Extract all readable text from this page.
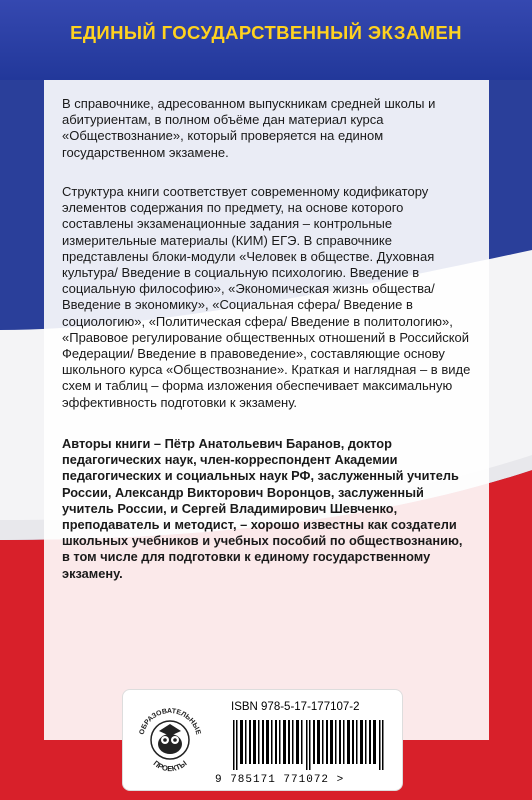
ЕДИНЫЙ ГОСУДАРСТВЕННЫЙ ЭКЗАМЕН

В справочнике, адресованном выпускникам средней школы и абитуриентам, в полном объёме дан материал курса «Обществознание», который проверяется на едином государственном экзамене.

Структура книги соответствует современному кодификатору элементов содержания по предмету, на основе которого составлены экзаменационные задания – контрольные измерительные материалы (КИМ) ЕГЭ. В справочнике представлены блоки-модули «Человек в обществе. Духовная культура/ Введение в социальную психологию. Введение в социальную философию», «Экономическая жизнь общества/ Введение в экономику», «Социальная сфера/ Введение в социологию», «Политическая сфера/ Введение в политологию», «Правовое регулирование общественных отношений в Российской Федерации/ Введение в правоведение», составляющие основу школьного курса «Обществознание». Краткая и наглядная – в виде схем и таблиц – форма изложения обеспечивает максимальную эффективность подготовки к экзамену.

Авторы книги – Пётр Анатольевич Баранов, доктор педагогических наук, член-корреспондент Академии педагогических и социальных наук РФ, заслуженный учитель России, Александр Викторович Воронцов, заслуженный учитель России, и Сергей Владимирович Шевченко, преподаватель и методист, – хорошо известны как создатели школьных учебников и учебных пособий по обществознанию, в том числе для подготовки к единому государственному экзамену.

ОБРАЗОВАТЕЛЬНЫЕ
ПРОЕКТЫ
ISBN 978-5-17-177107-2
9 785171 771072 >
